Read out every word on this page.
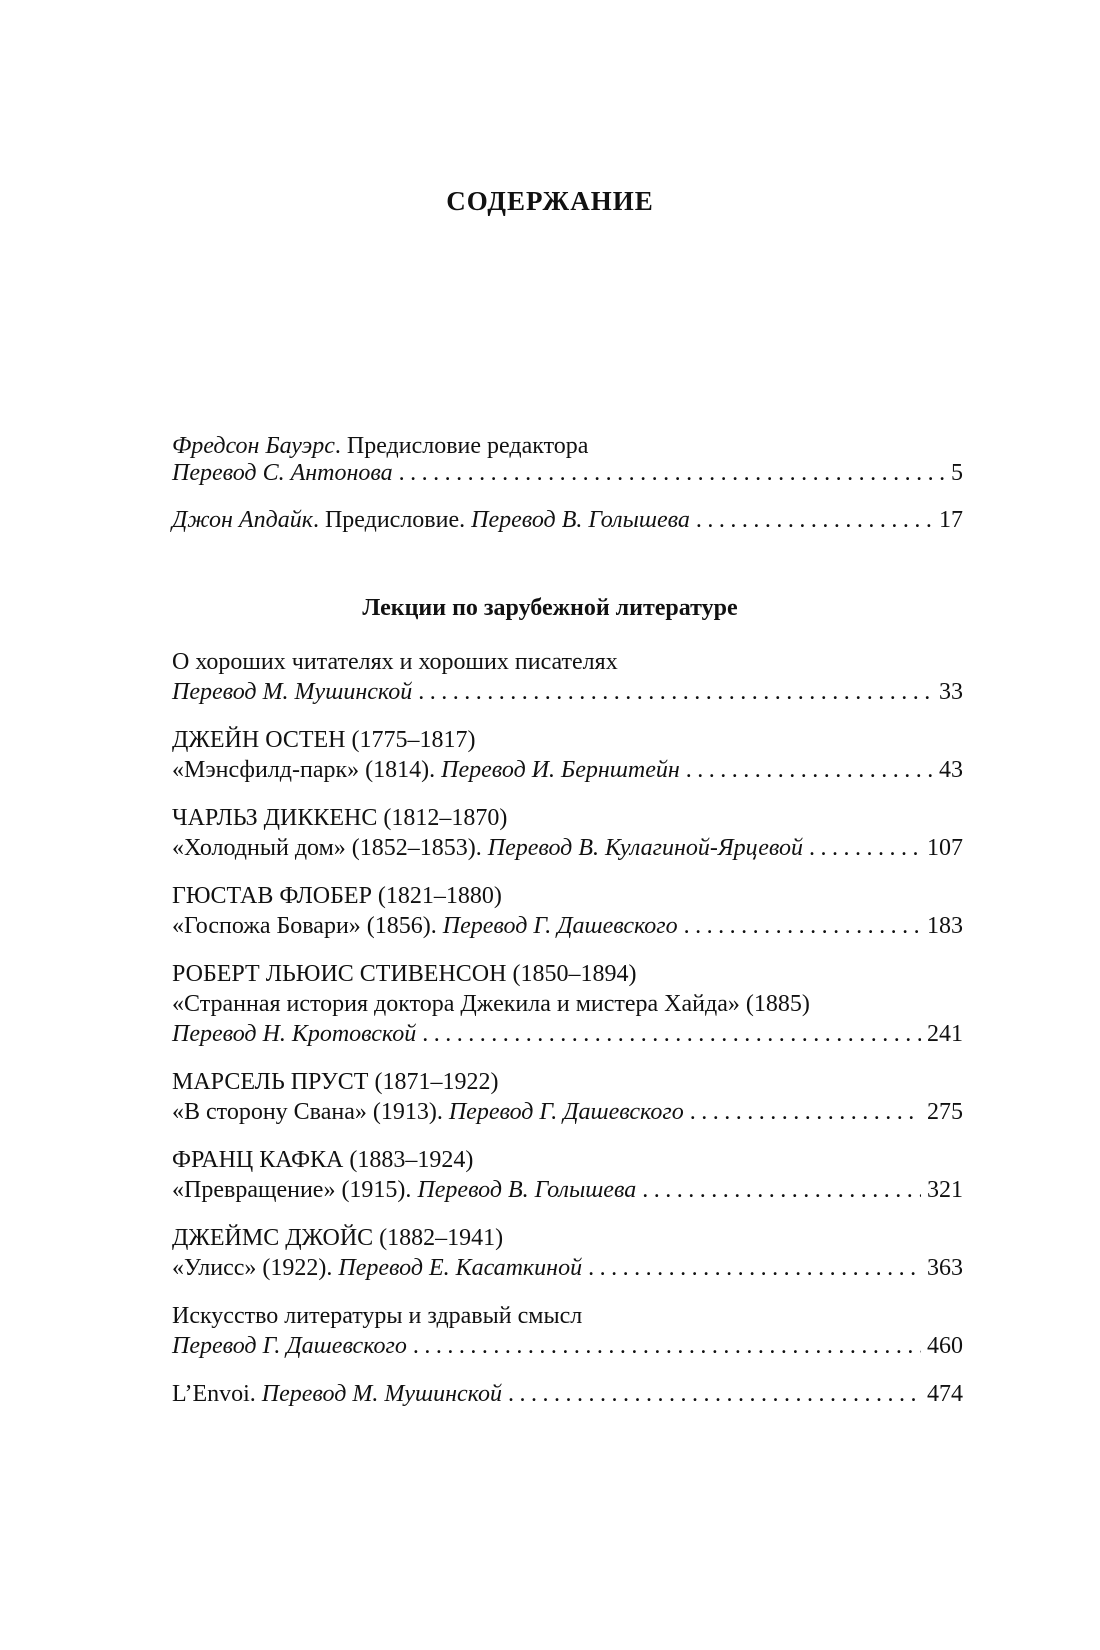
СОДЕРЖАНИЕ
Фредсон Бауэрс. Предисловие редактора
Перевод С. Антонова .....	5
Джон Апдайк. Предисловие. Перевод В. Голышева .....	17
Лекции по зарубежной литературе
О хороших читателях и хороших писателях
Перевод М. Мушинской .....	33
ДЖЕЙН ОСТЕН (1775–1817)
«Мэнсфилд-парк» (1814). Перевод И. Бернштейн .....	43
ЧАРЛЬЗ ДИККЕНС (1812–1870)
«Холодный дом» (1852–1853). Перевод В. Кулагиной-Ярцевой .....	107
ГЮСТАВ ФЛОБЕР (1821–1880)
«Госпожа Бовари» (1856). Перевод Г. Дашевского .....	183
РОБЕРТ ЛЬЮИС СТИВЕНСОН (1850–1894)
«Странная история доктора Джекила и мистера Хайда» (1885)
Перевод Н. Кротовской .....	241
МАРСЕЛЬ ПРУСТ (1871–1922)
«В сторону Свана» (1913). Перевод Г. Дашевского .....	275
ФРАНЦ КАФКА (1883–1924)
«Превращение» (1915). Перевод В. Голышева .....	321
ДЖЕЙМС ДЖОЙС (1882–1941)
«Улисс» (1922). Перевод Е. Касаткиной .....	363
Искусство литературы и здравый смысл
Перевод Г. Дашевского .....	460
L’Envoi. Перевод М. Мушинской .....	474
